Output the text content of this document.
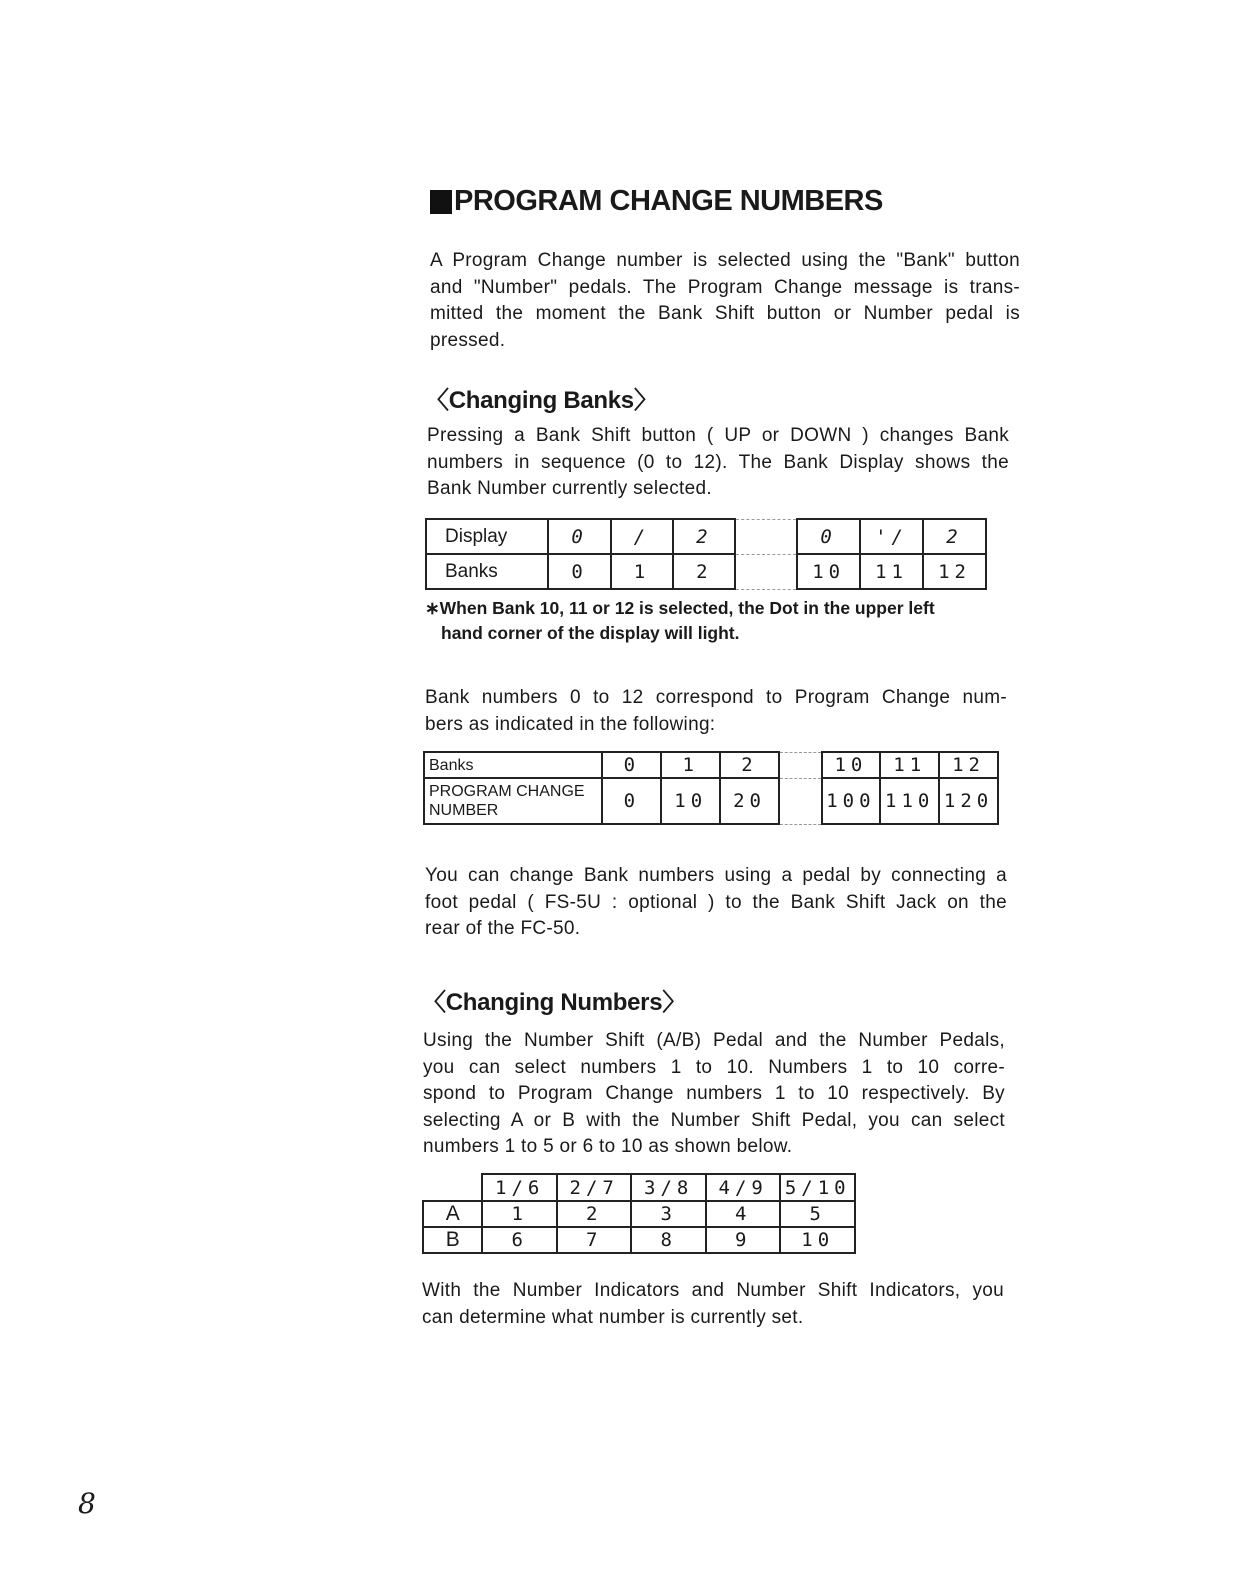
PROGRAM CHANGE NUMBERS

A Program Change number is selected using the "Bank" button

and "Number" pedals. The Program Change message is trans-

mitted the moment the Bank Shift button or Number pedal is

pressed.

〈Changing Banks〉

Pressing a Bank Shift button ( UP or DOWN ) changes Bank

numbers in sequence (0 to 12). The Bank Display shows the

Bank Number currently selected.

Display	0	/	2		0	'/	2
Banks	0	1	2		10	11	12
∗When Bank 10, 11 or 12 is selected, the Dot in the upper left
hand corner of the display will light.

Bank numbers 0 to 12 correspond to Program Change num-

bers as indicated in the following:

Banks	0	1	2		10	11	12

PROGRAM CHANGE
NUMBER	0	10	20		100	110	120

You can change Bank numbers using a pedal by connecting a

foot pedal ( FS-5U : optional ) to the Bank Shift Jack on the

rear of the FC-50.

〈Changing Numbers〉

Using the Number Shift (A/B) Pedal and the Number Pedals,

you can select numbers 1 to 10. Numbers 1 to 10 corre-

spond to Program Change numbers 1 to 10 respectively. By

selecting A or B with the Number Shift Pedal, you can select

numbers 1 to 5 or 6 to 10 as shown below.

	1/6	2/7	3/8	4/9	5/10
A	1	2	3	4	5
B	6	7	8	9	10

With the Number Indicators and Number Shift Indicators, you

can determine what number is currently set.

8
